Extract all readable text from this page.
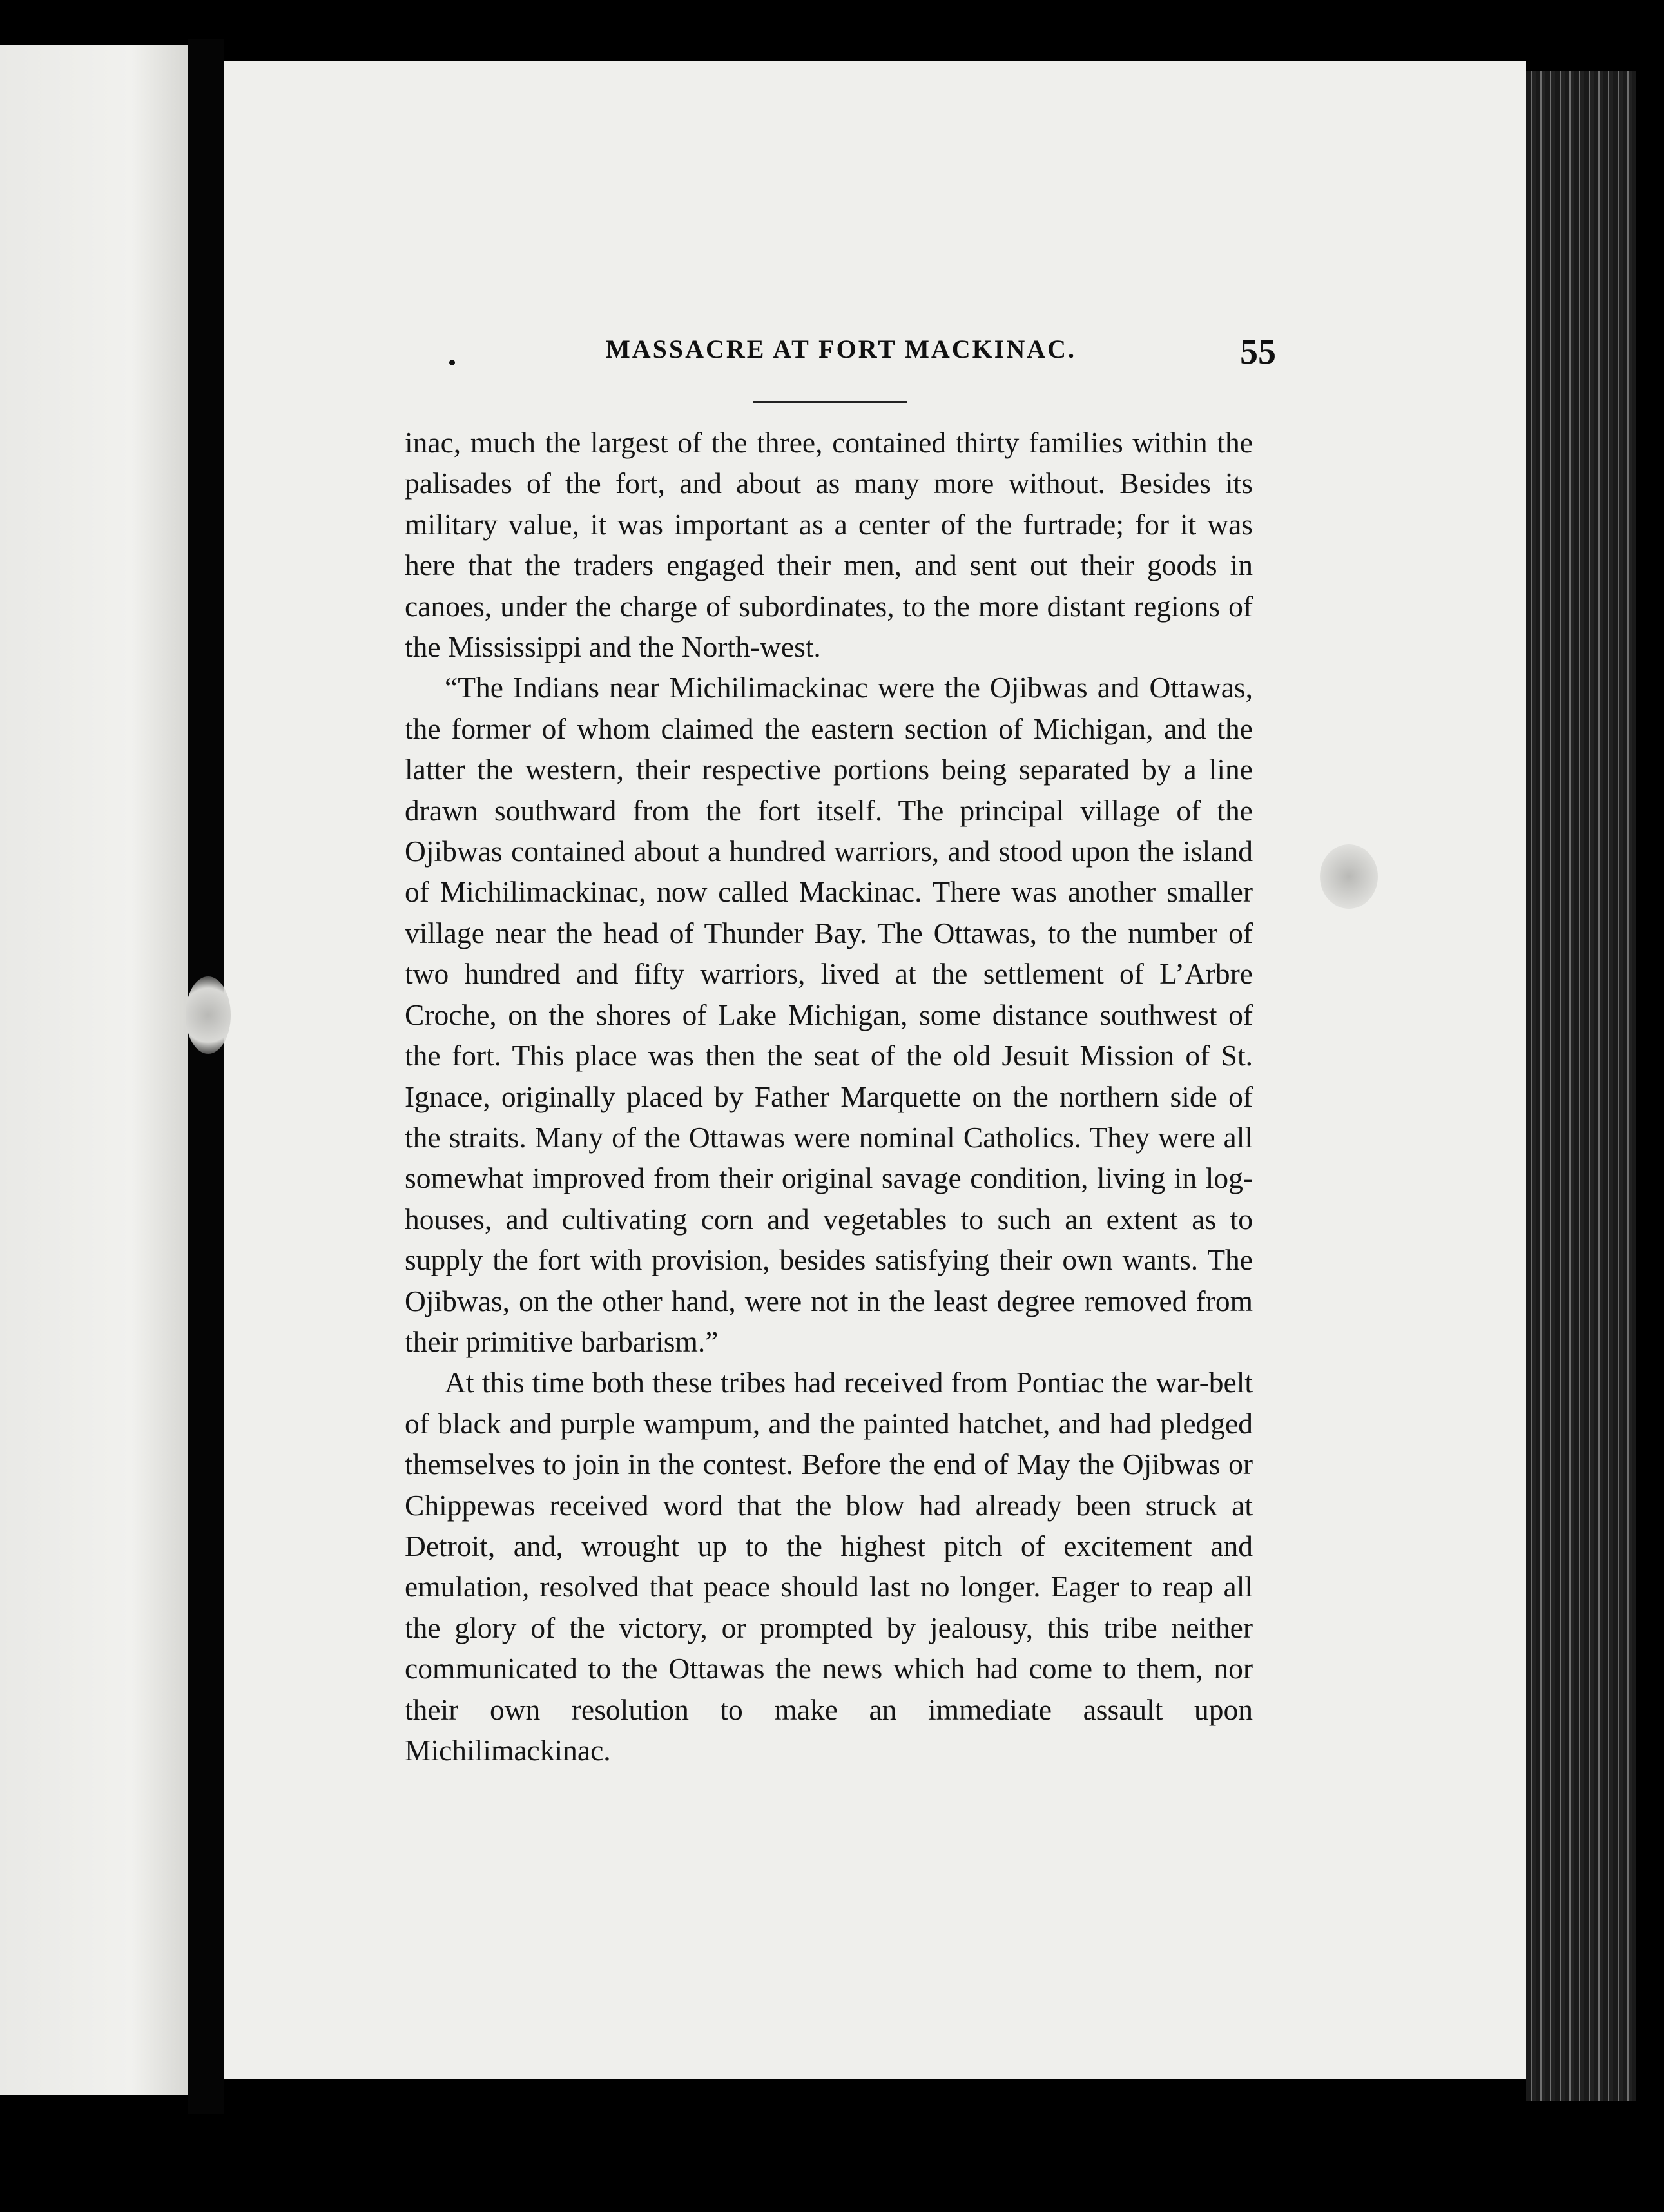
MASSACRE AT FORT MACKINAC.	55

inac, much the largest of the three, contained thirty families within the palisades of the fort, and about as many more without. Besides its military value, it was important as a center of the furtrade; for it was here that the traders engaged their men, and sent out their goods in canoes, under the charge of subordinates, to the more distant regions of the Mississippi and the North-west.

“The Indians near Michilimackinac were the Ojibwas and Ottawas, the former of whom claimed the eastern section of Michigan, and the latter the western, their respective portions being separated by a line drawn southward from the fort itself. The principal village of the Ojibwas contained about a hundred warriors, and stood upon the island of Michilimackinac, now called Mackinac. There was another smaller village near the head of Thunder Bay. The Ottawas, to the number of two hundred and fifty warriors, lived at the settlement of L’Arbre Croche, on the shores of Lake Michigan, some distance southwest of the fort. This place was then the seat of the old Jesuit Mission of St. Ignace, originally placed by Father Marquette on the northern side of the straits. Many of the Ottawas were nominal Catholics. They were all somewhat improved from their original savage condition, living in log-houses, and cultivating corn and vegetables to such an extent as to supply the fort with provision, besides satisfying their own wants. The Ojibwas, on the other hand, were not in the least degree removed from their primitive barbarism.”

At this time both these tribes had received from Pontiac the war-belt of black and purple wampum, and the painted hatchet, and had pledged themselves to join in the contest. Before the end of May the Ojibwas or Chippewas received word that the blow had already been struck at Detroit, and, wrought up to the highest pitch of excitement and emulation, resolved that peace should last no longer. Eager to reap all the glory of the victory, or prompted by jealousy, this tribe neither communicated to the Ottawas the news which had come to them, nor their own resolution to make an immediate assault upon Michilimackinac.
